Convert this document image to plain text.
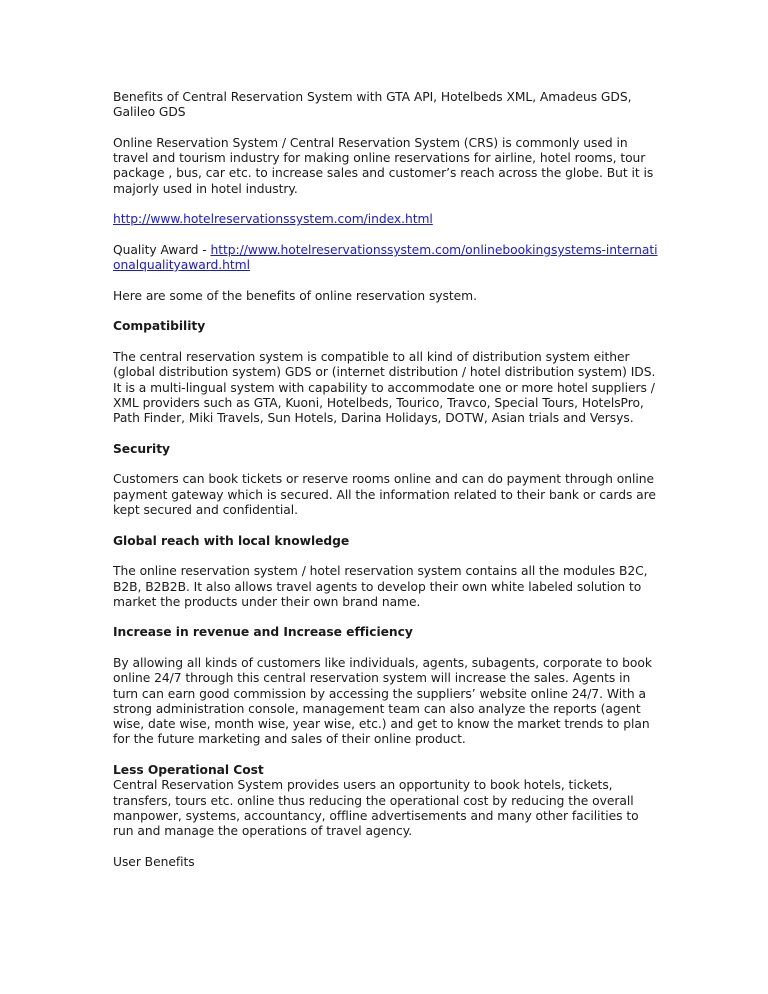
Benefits of Central Reservation System with GTA API, Hotelbeds XML, Amadeus GDS, Galileo GDS

Online Reservation System / Central Reservation System (CRS) is commonly used in travel and tourism industry for making online reservations for airline, hotel rooms, tour package , bus, car etc. to increase sales and customer’s reach across the globe. But it is majorly used in hotel industry.

http://www.hotelreservationssystem.com/index.html

Quality Award - http://www.hotelreservationssystem.com/onlinebookingsystems-internationalqualityaward.html

Here are some of the benefits of online reservation system.

Compatibility

The central reservation system is compatible to all kind of distribution system either (global distribution system) GDS or (internet distribution / hotel distribution system) IDS. It is a multi-lingual system with capability to accommodate one or more hotel suppliers / XML providers such as GTA, Kuoni, Hotelbeds, Tourico, Travco, Special Tours, HotelsPro, Path Finder, Miki Travels, Sun Hotels, Darina Holidays, DOTW, Asian trials and Versys.

Security

Customers can book tickets or reserve rooms online and can do payment through online payment gateway which is secured. All the information related to their bank or cards are kept secured and confidential.

Global reach with local knowledge

The online reservation system / hotel reservation system contains all the modules B2C, B2B, B2B2B. It also allows travel agents to develop their own white labeled solution to market the products under their own brand name.

Increase in revenue and Increase efficiency

By allowing all kinds of customers like individuals, agents, subagents, corporate to book online 24/7 through this central reservation system will increase the sales. Agents in turn can earn good commission by accessing the suppliers’ website online 24/7. With a strong administration console, management team can also analyze the reports (agent wise, date wise, month wise, year wise, etc.) and get to know the market trends to plan for the future marketing and sales of their online product.

Less Operational Cost

Central Reservation System provides users an opportunity to book hotels, tickets, transfers, tours etc. online thus reducing the operational cost by reducing the overall manpower, systems, accountancy, offline advertisements and many other facilities to run and manage the operations of travel agency.

User Benefits
